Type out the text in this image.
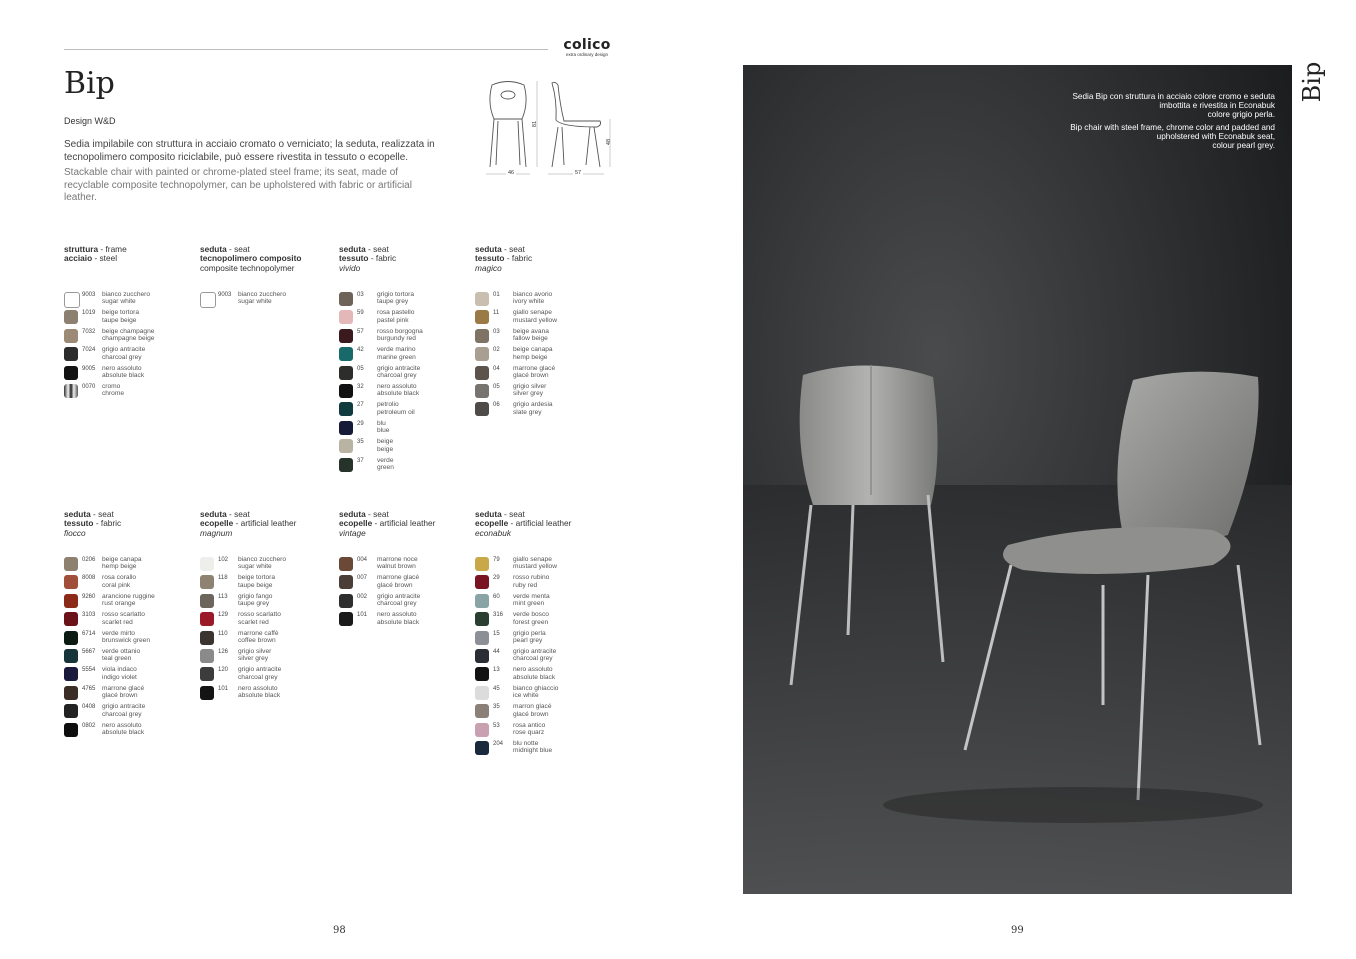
colico
extra ordinary design
Bip
Design W&D
Sedia impilabile con struttura in acciaio cromato o verniciato; la seduta, realizzata in tecnopolimero composito riciclabile, può essere rivestita in tessuto o ecopelle.
Stackable chair with painted or chrome-plated steel frame; its seat, made of recyclable composite technopolymer, can be upholstered with fabric or artificial leather.
81
48
46	57
struttura - frame
acciaio - steel
9003	bianco zucchero
sugar white
1019	beige tortora
taupe beige
7032	beige champagne
champagne beige
7024	grigio antracite
charcoal grey
9005	nero assoluto
absolute black
0070	cromo
chrome
seduta - seat
tecnopolimero composito
composite technopolymer
9003	bianco zucchero
sugar white
seduta - seat
tessuto - fabric
vivido
03	grigio tortora
taupe grey
59	rosa pastello
pastel pink
57	rosso borgogna
burgundy red
42	verde marino
marine green
05	grigio antracite
charcoal grey
32	nero assoluto
absolute black
27	petrolio
petroleum oil
29	blu
blue
35	beige
beige
37	verde
green
seduta - seat
tessuto - fabric
magico
01	bianco avorio
ivory white
11	giallo senape
mustard yellow
03	beige avana
fallow beige
02	beige canapa
hemp beige
04	marrone glacé
glacé brown
05	grigio silver
silver grey
06	grigio ardesia
slate grey
seduta - seat
tessuto - fabric
fiocco
0206	beige canapa
hemp beige
8008	rosa corallo
coral pink
9260	arancione ruggine
rust orange
3103	rosso scarlatto
scarlet red
6714	verde mirto
brunswick green
5667	verde ottanio
teal green
5554	viola indaco
indigo violet
4765	marrone glacé
glacé brown
0408	grigio antracite
charcoal grey
0802	nero assoluto
absolute black
seduta - seat
ecopelle - artificial leather
magnum
102	bianco zucchero
sugar white
118	beige tortora
taupe beige
113	grigio fango
taupe grey
129	rosso scarlatto
scarlet red
110	marrone caffè
coffee brown
126	grigio silver
silver grey
120	grigio antracite
charcoal grey
101	nero assoluto
absolute black
seduta - seat
ecopelle - artificial leather
vintage
004	marrone noce
walnut brown
007	marrone glacé
glacé brown
002	grigio antracite
charcoal grey
101	nero assoluto
absolute black
seduta - seat
ecopelle - artificial leather
econabuk
79	giallo senape
mustard yellow
29	rosso rubino
ruby red
60	verde menta
mint green
316	verde bosco
forest green
15	grigio perla
pearl grey
44	grigio antracite
charcoal grey
13	nero assoluto
absolute black
45	bianco ghiaccio
ice white
35	marron glacé
glacé brown
53	rosa antico
rose quarz
204	blu notte
midnight blue
Sedia Bip con struttura in acciaio colore cromo e seduta
imbottita e rivestita in Econabuk
colore grigio perla.
Bip chair with steel frame, chrome color and padded and
upholstered with Econabuk seat,
colour pearl grey.
Bip
98	99
